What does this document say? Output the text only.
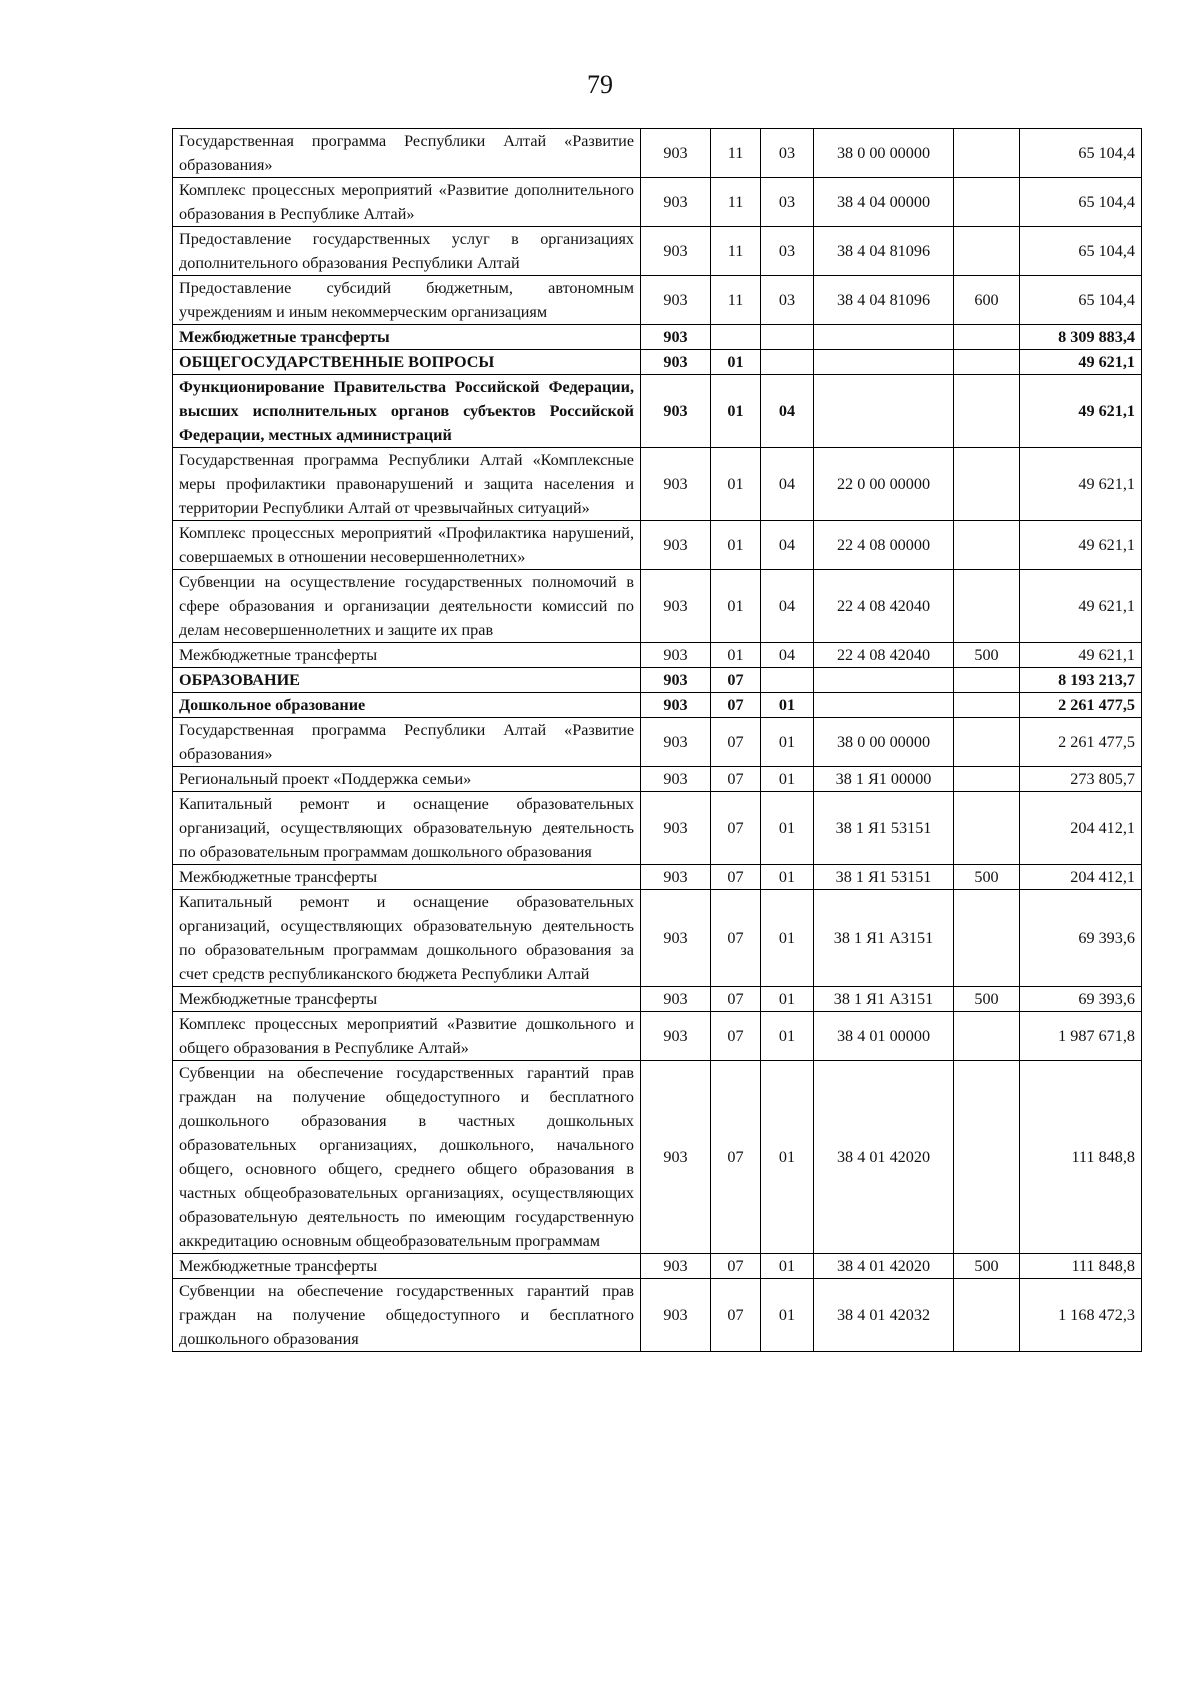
79
Государственная программа Республики Алтай «Развитие образования»	903	11	03	38 0 00 00000		65 104,4
Комплекс процессных мероприятий «Развитие дополнительного образования в Республике Алтай»	903	11	03	38 4 04 00000		65 104,4
Предоставление государственных услуг в организациях дополнительного образования Республики Алтай	903	11	03	38 4 04 81096		65 104,4
Предоставление субсидий бюджетным, автономным учреждениям и иным некоммерческим организациям	903	11	03	38 4 04 81096	600	65 104,4
Межбюджетные трансферты	903					8 309 883,4
ОБЩЕГОСУДАРСТВЕННЫЕ ВОПРОСЫ	903	01				49 621,1
Функционирование Правительства Российской Федерации, высших исполнительных органов субъектов Российской Федерации, местных администраций	903	01	04			49 621,1
Государственная программа Республики Алтай «Комплексные меры профилактики правонарушений и защита населения и территории Республики Алтай от чрезвычайных ситуаций»	903	01	04	22 0 00 00000		49 621,1
Комплекс процессных мероприятий «Профилактика нарушений, совершаемых в отношении несовершеннолетних»	903	01	04	22 4 08 00000		49 621,1
Субвенции на осуществление государственных полномочий в сфере образования и организации деятельности комиссий по делам несовершеннолетних и защите их прав	903	01	04	22 4 08 42040		49 621,1
Межбюджетные трансферты	903	01	04	22 4 08 42040	500	49 621,1
ОБРАЗОВАНИЕ	903	07				8 193 213,7
Дошкольное образование	903	07	01			2 261 477,5
Государственная программа Республики Алтай «Развитие образования»	903	07	01	38 0 00 00000		2 261 477,5
Региональный проект «Поддержка семьи»	903	07	01	38 1 Я1 00000		273 805,7
Капитальный ремонт и оснащение образовательных организаций, осуществляющих образовательную деятельность по образовательным программам дошкольного образования	903	07	01	38 1 Я1 53151		204 412,1
Межбюджетные трансферты	903	07	01	38 1 Я1 53151	500	204 412,1
Капитальный ремонт и оснащение образовательных организаций, осуществляющих образовательную деятельность по образовательным программам дошкольного образования за счет средств республиканского бюджета Республики Алтай	903	07	01	38 1 Я1 А3151		69 393,6
Межбюджетные трансферты	903	07	01	38 1 Я1 А3151	500	69 393,6
Комплекс процессных мероприятий «Развитие дошкольного и общего образования в Республике Алтай»	903	07	01	38 4 01 00000		1 987 671,8
Субвенции на обеспечение государственных гарантий прав граждан на получение общедоступного и бесплатного дошкольного образования в частных дошкольных образовательных организациях, дошкольного, начального общего, основного общего, среднего общего образования в частных общеобразовательных организациях, осуществляющих образовательную деятельность по имеющим государственную аккредитацию основным общеобразовательным программам	903	07	01	38 4 01 42020		111 848,8
Межбюджетные трансферты	903	07	01	38 4 01 42020	500	111 848,8
Субвенции на обеспечение государственных гарантий прав граждан на получение общедоступного и бесплатного дошкольного образования	903	07	01	38 4 01 42032		1 168 472,3
